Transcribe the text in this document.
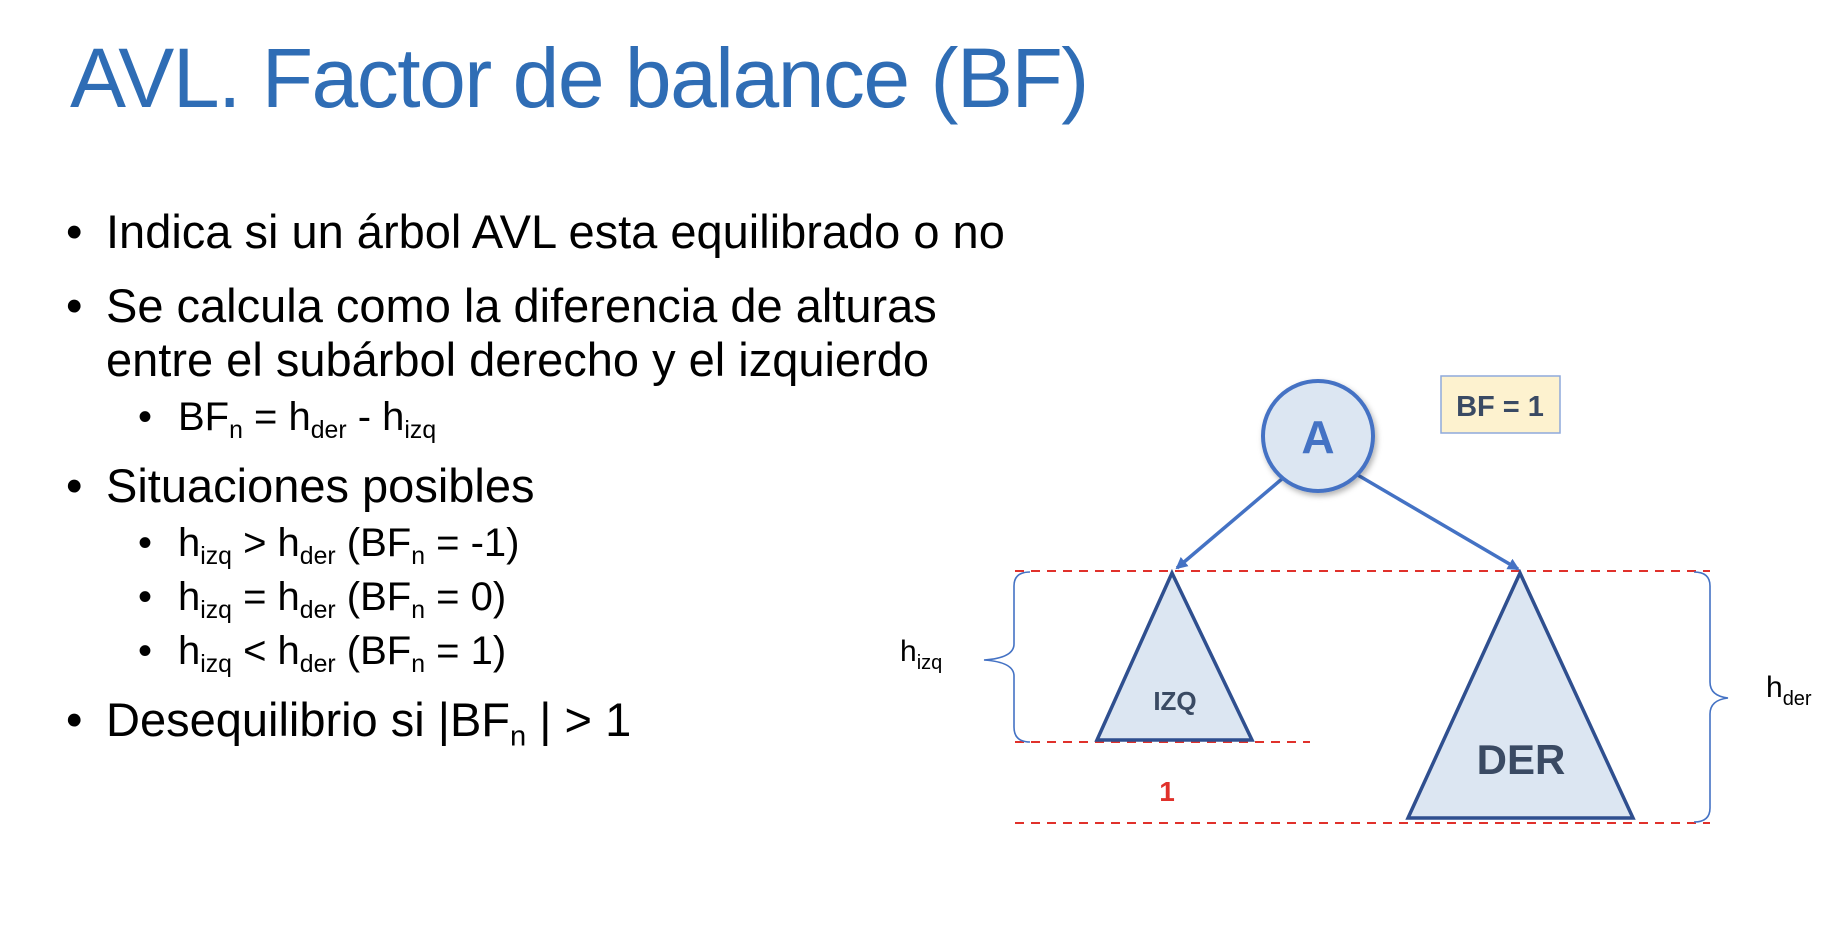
AVL. Factor de balance (BF)
• Indica si un árbol AVL esta equilibrado o no
• Se calcula como la diferencia de alturas entre el subárbol derecho y el izquierdo
• $BF_n = h_{der} - h_{izq}$
• Situaciones posibles
• $h_{izq} > h_{der}$ $(BF_n = -1)$
• $h_{izq} = h_{der}$ $(BF_n = 0)$
• $h_{izq} < h_{der}$ $(BF_n = 1)$
• Desequilibrio si $|BF_n$ | > 1
A
BF = 1
IZQ
DER
$h_{izq}$
$h_{der}$
1
